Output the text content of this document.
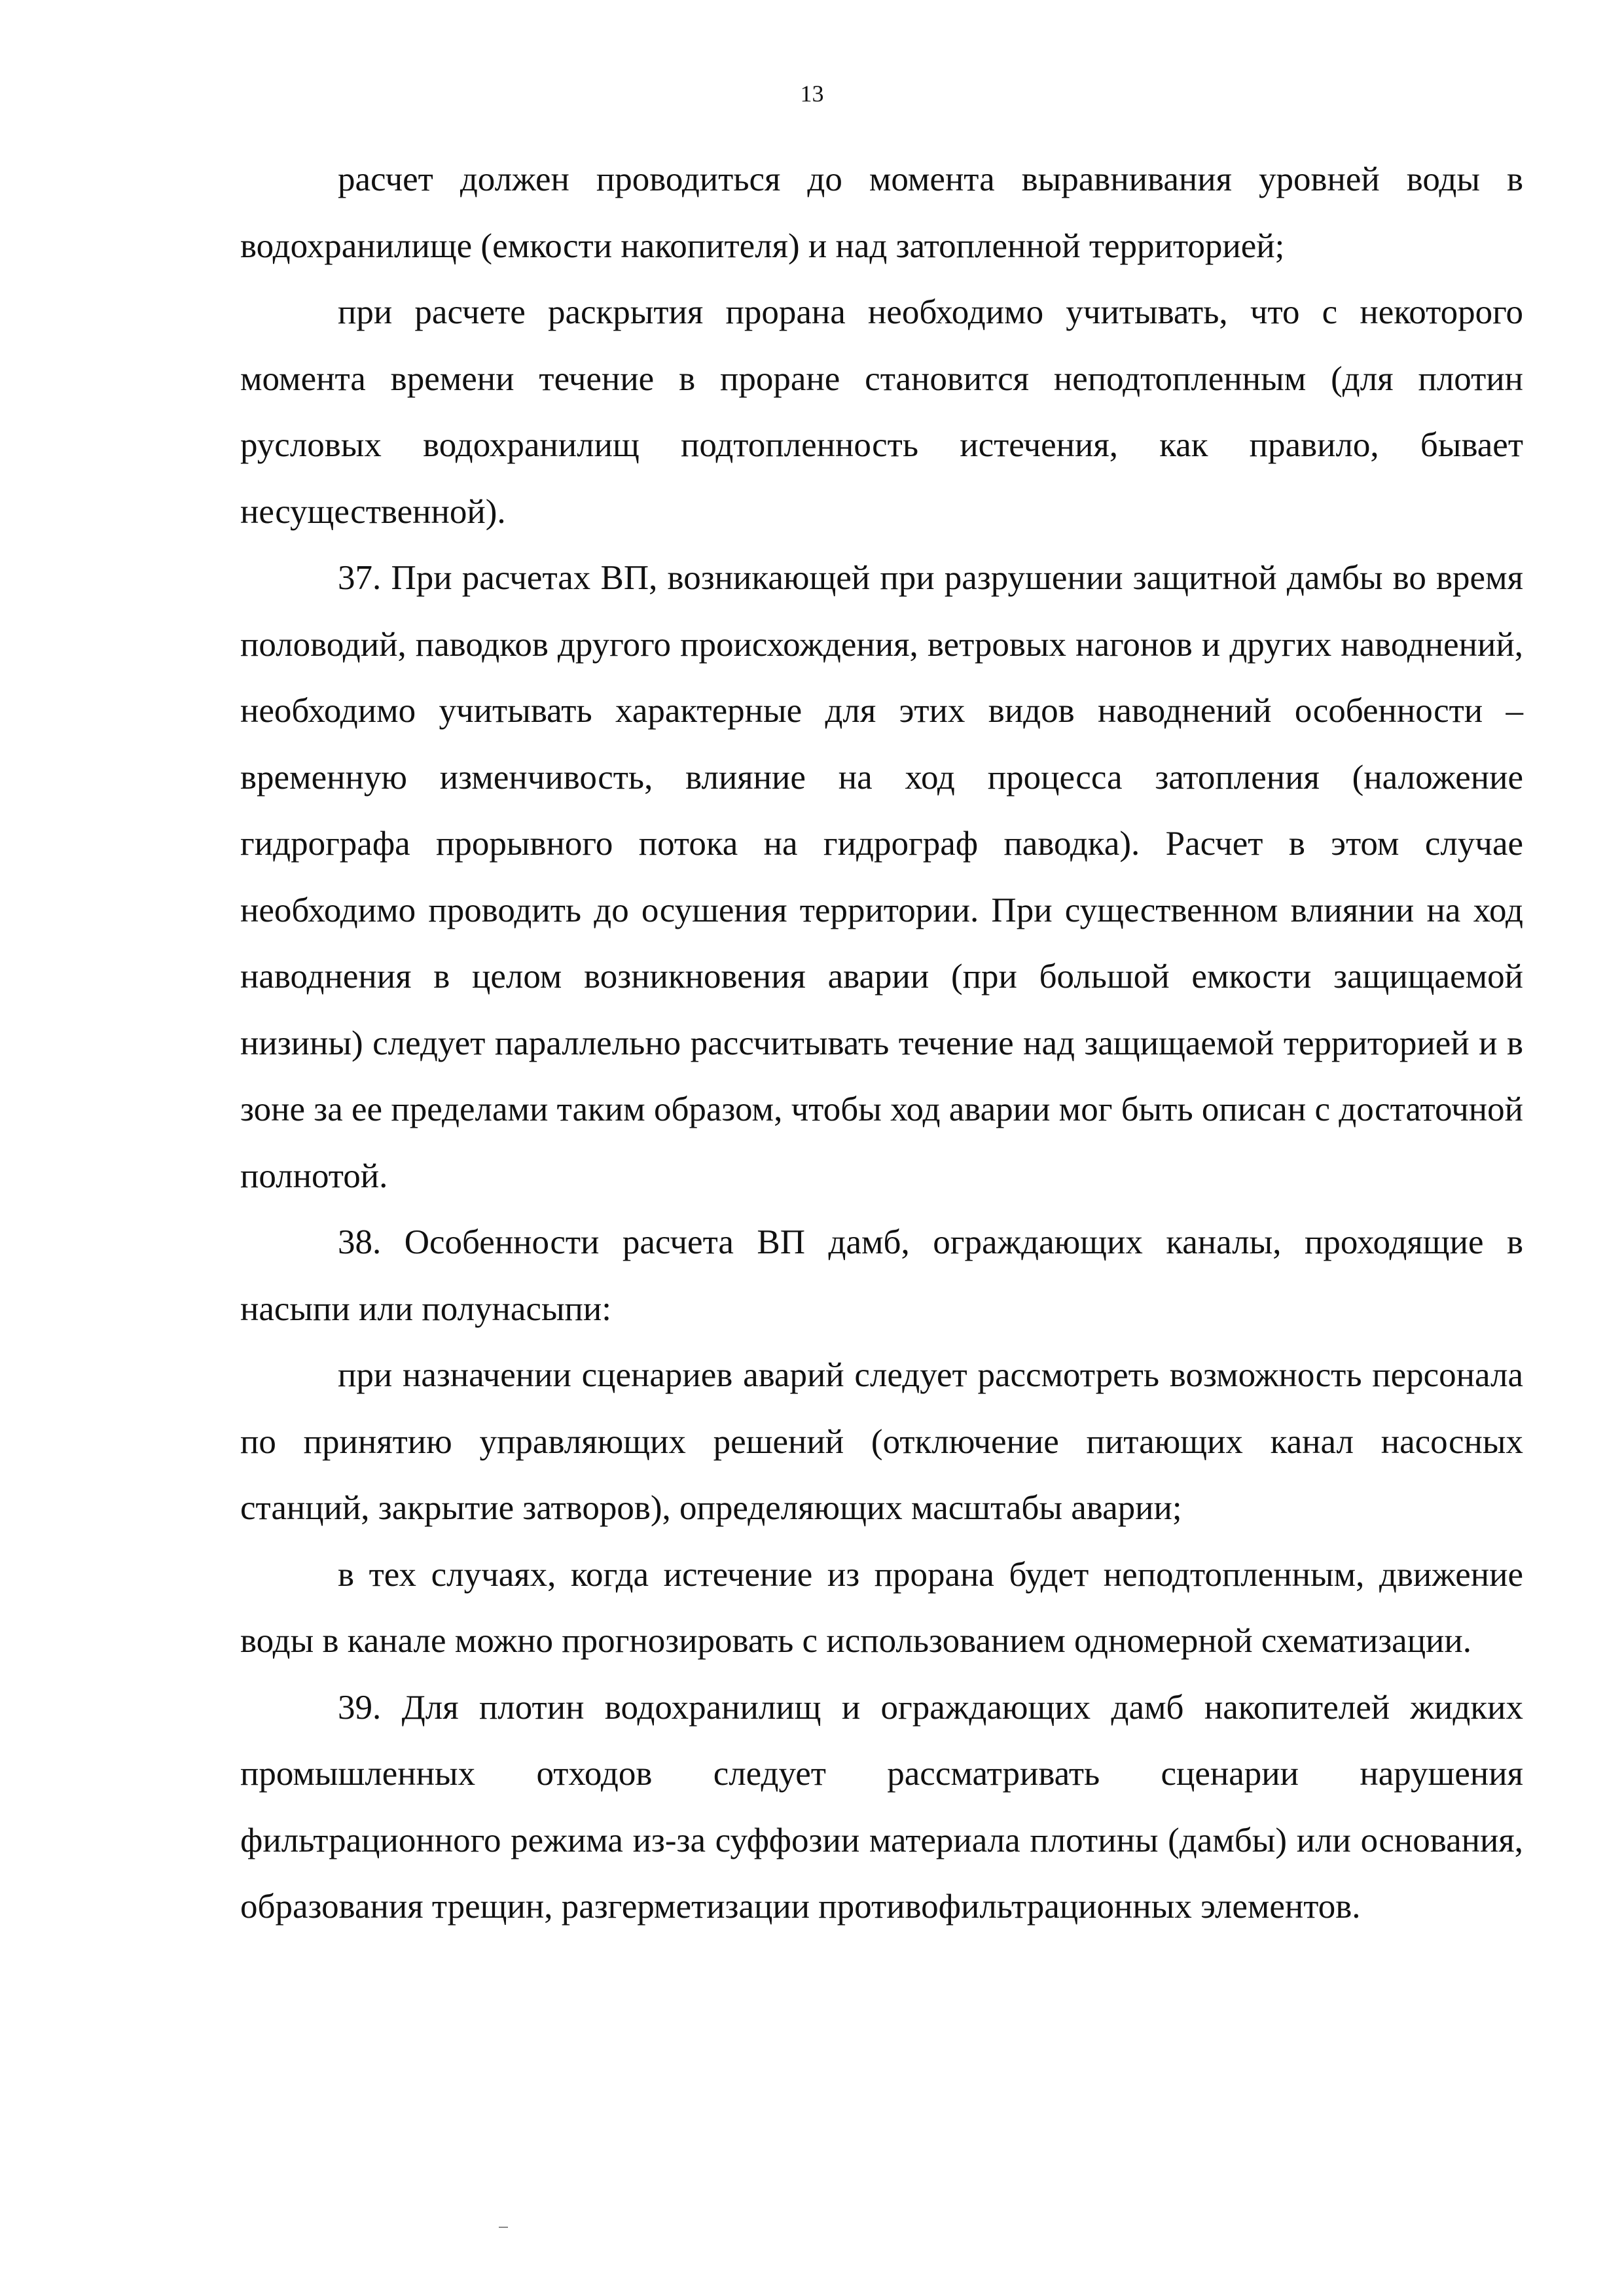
13

расчет должен проводиться до момента выравнивания уровней воды в водохранилище (емкости накопителя) и над затопленной территорией;

при расчете раскрытия прорана необходимо учитывать, что с некоторого момента времени течение в проране становится неподтопленным (для плотин русловых водохранилищ подтопленность истечения, как правило, бывает несущественной).

37. При расчетах ВП, возникающей при разрушении защитной дамбы во время половодий, паводков другого происхождения, ветровых нагонов и других наводнений, необходимо учитывать характерные для этих видов наводнений особенности – временную изменчивость, влияние на ход процесса затопления (наложение гидрографа прорывного потока на гидрограф паводка). Расчет в этом случае необходимо проводить до осушения территории. При существенном влиянии на ход наводнения в целом возникновения аварии (при большой емкости защищаемой низины) следует параллельно рассчитывать течение над защищаемой территорией и в зоне за ее пределами таким образом, чтобы ход аварии мог быть описан с достаточной полнотой.

38. Особенности расчета ВП дамб, ограждающих каналы, проходящие в насыпи или полунасыпи:

при назначении сценариев аварий следует рассмотреть возможность персонала по принятию управляющих решений (отключение питающих канал насосных станций, закрытие затворов), определяющих масштабы аварии;

в тех случаях, когда истечение из прорана будет неподтопленным, движение воды в канале можно прогнозировать с использованием одномерной схематизации.

39. Для плотин водохранилищ и ограждающих дамб накопителей жидких промышленных отходов следует рассматривать сценарии нарушения фильтрационного режима из-за суффозии материала плотины (дамбы) или основания, образования трещин, разгерметизации противофильтрационных элементов.
